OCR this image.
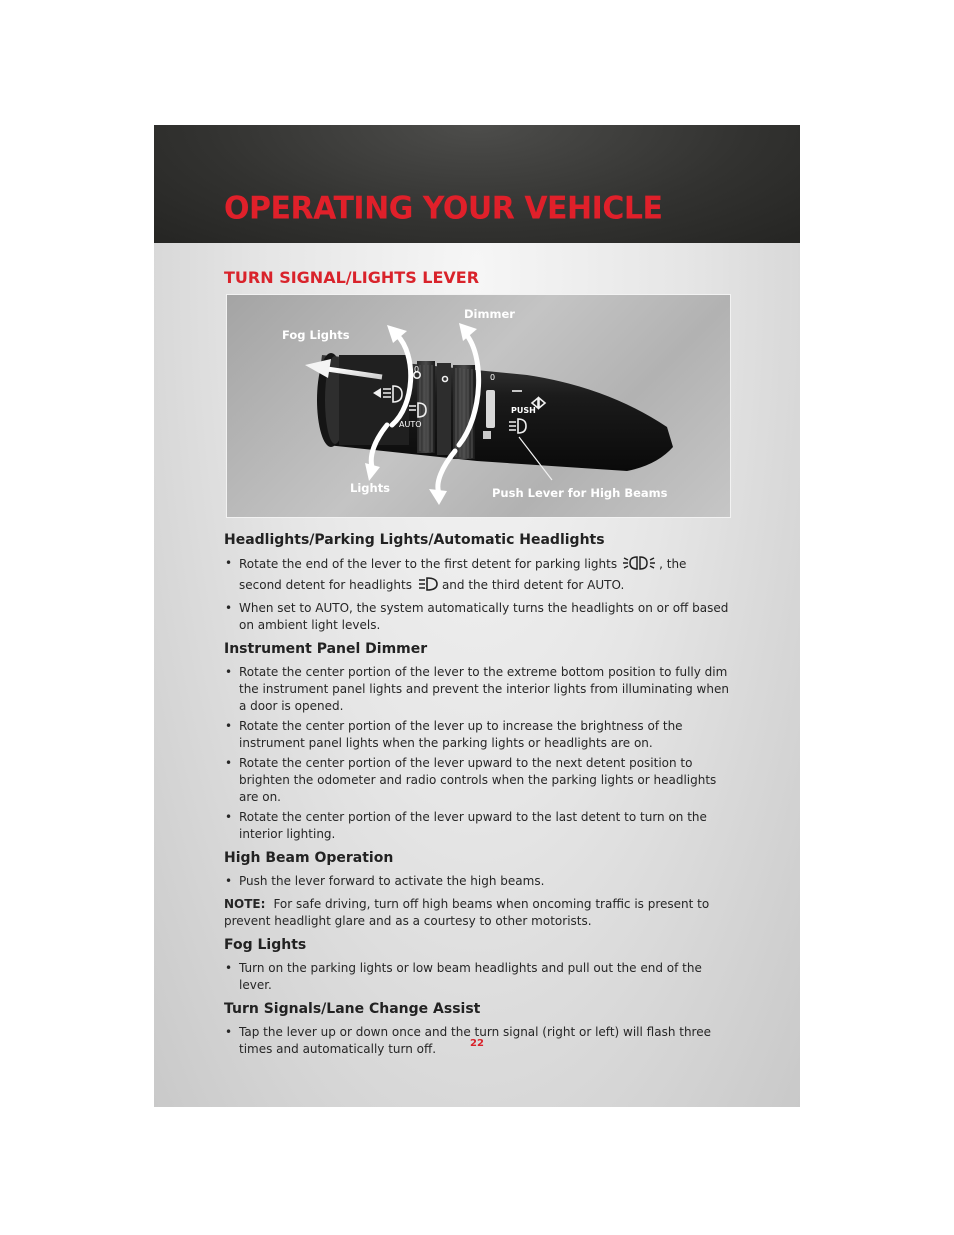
OPERATING YOUR VEHICLE
TURN SIGNAL/LIGHTS LEVER
Fog Lights
Dimmer
Lights	Push Lever for High Beams
AUTO
PUSH
0
0
Headlights/Parking Lights/Automatic Headlights
• Rotate the end of the lever to the first detent for parking lights	, the second detent for headlights	and the third detent for AUTO.
• When set to AUTO, the system automatically turns the headlights on or off based on ambient light levels.
Instrument Panel Dimmer
• Rotate the center portion of the lever to the extreme bottom position to fully dim the instrument panel lights and prevent the interior lights from illuminating when a door is opened.
• Rotate the center portion of the lever up to increase the brightness of the instrument panel lights when the parking lights or headlights are on.
• Rotate the center portion of the lever upward to the next detent position to brighten the odometer and radio controls when the parking lights or headlights are on.
• Rotate the center portion of the lever upward to the last detent to turn on the interior lighting.
High Beam Operation
• Push the lever forward to activate the high beams.

NOTE: For safe driving, turn off high beams when oncoming traffic is present to prevent headlight glare and as a courtesy to other motorists.

Fog Lights
• Turn on the parking lights or low beam headlights and pull out the end of the lever.
Turn Signals/Lane Change Assist
• Tap the lever up or down once and the turn signal (right or left) will flash three times and automatically turn off.	22
